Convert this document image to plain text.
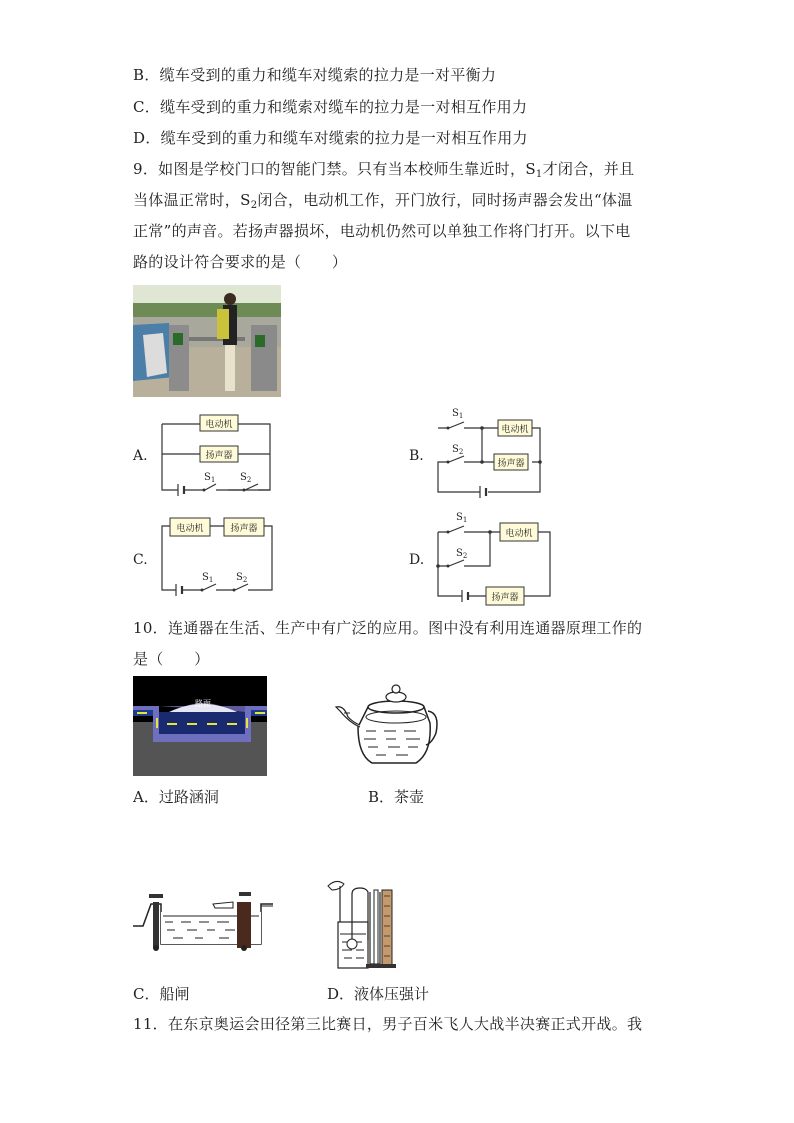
B．缆车受到的重力和缆车对缆索的拉力是一对平衡力
C．缆车受到的重力和缆索对缆车的拉力是一对相互作用力
D．缆车受到的重力和缆车对缆索的拉力是一对相互作用力
9．如图是学校门口的智能门禁。只有当本校师生靠近时，$S_1$才闭合，并且
当体温正常时，$S_2$闭合，电动机工作，开门放行，同时扬声器会发出“体温
正常”的声音。若扬声器损坏，电动机仍然可以单独工作将门打开。以下电
路的设计符合要求的是（　　）
A.
电动机
扬声器
$S_1$ $S_2$
B.
电动机
扬声器
$S_1$
$S_2$
C.
电动机	扬声器
$S_1$ $S_2$
D.
电动机
扬声器
$S_1$
$S_2$
10．连通器在生活、生产中有广泛的应用。图中没有利用连通器原理工作的
是（　　）
路面
A．过路涵洞	B．茶壶
C．船闸	D．液体压强计
11．在东京奥运会田径第三比赛日，男子百米飞人大战半决赛正式开战。我
